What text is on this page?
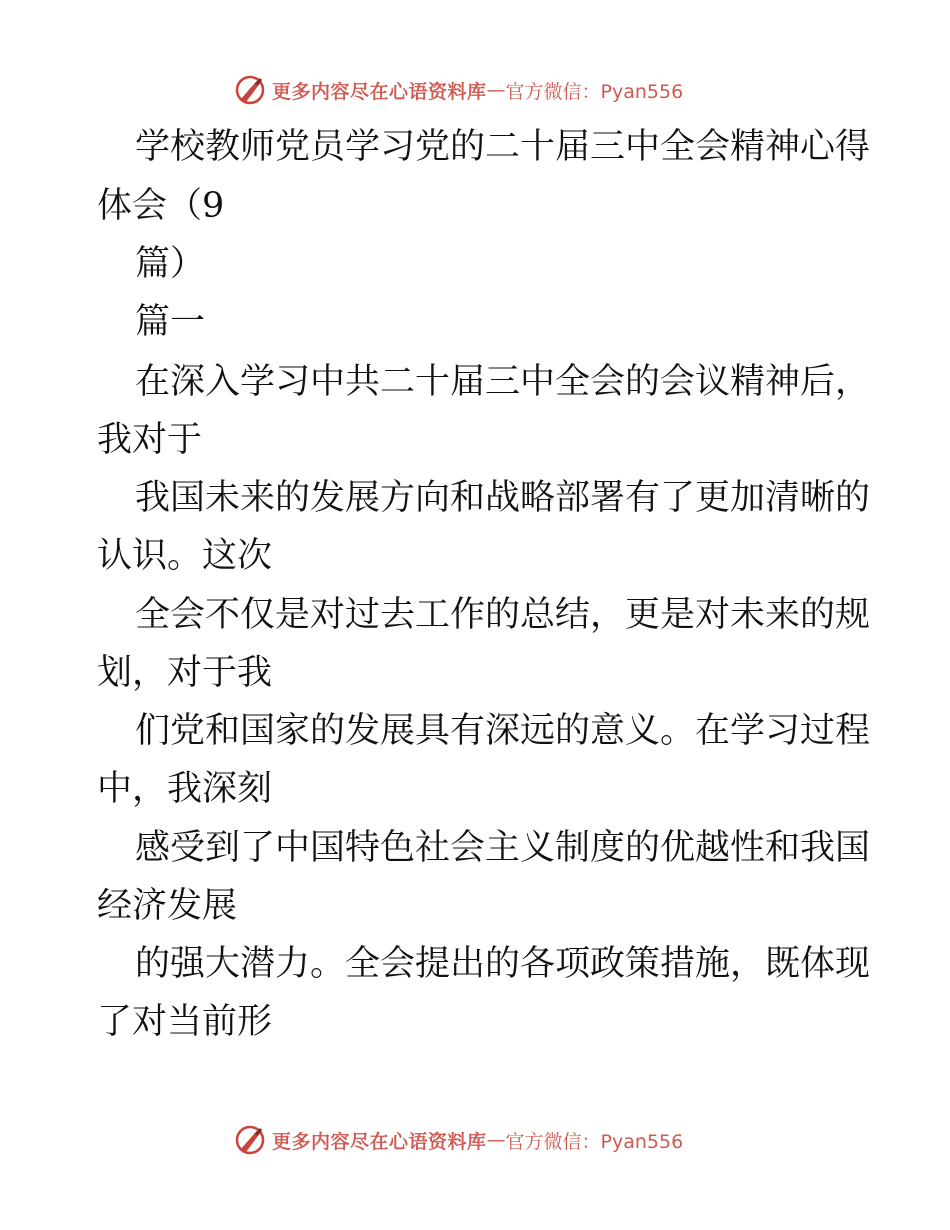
更多内容尽在心语资料库 — 官方微信：Pyan556
学校教师党员学习党的二十届三中全会精神心得
体会（9
篇）
篇一
在深入学习中共二十届三中全会的会议精神后，
我对于
我国未来的发展方向和战略部署有了更加清晰的
认识。这次
全会不仅是对过去工作的总结，更是对未来的规
划，对于我
们党和国家的发展具有深远的意义。在学习过程
中，我深刻
感受到了中国特色社会主义制度的优越性和我国
经济发展
的强大潜力。全会提出的各项政策措施，既体现
了对当前形
更多内容尽在心语资料库 — 官方微信：Pyan556
